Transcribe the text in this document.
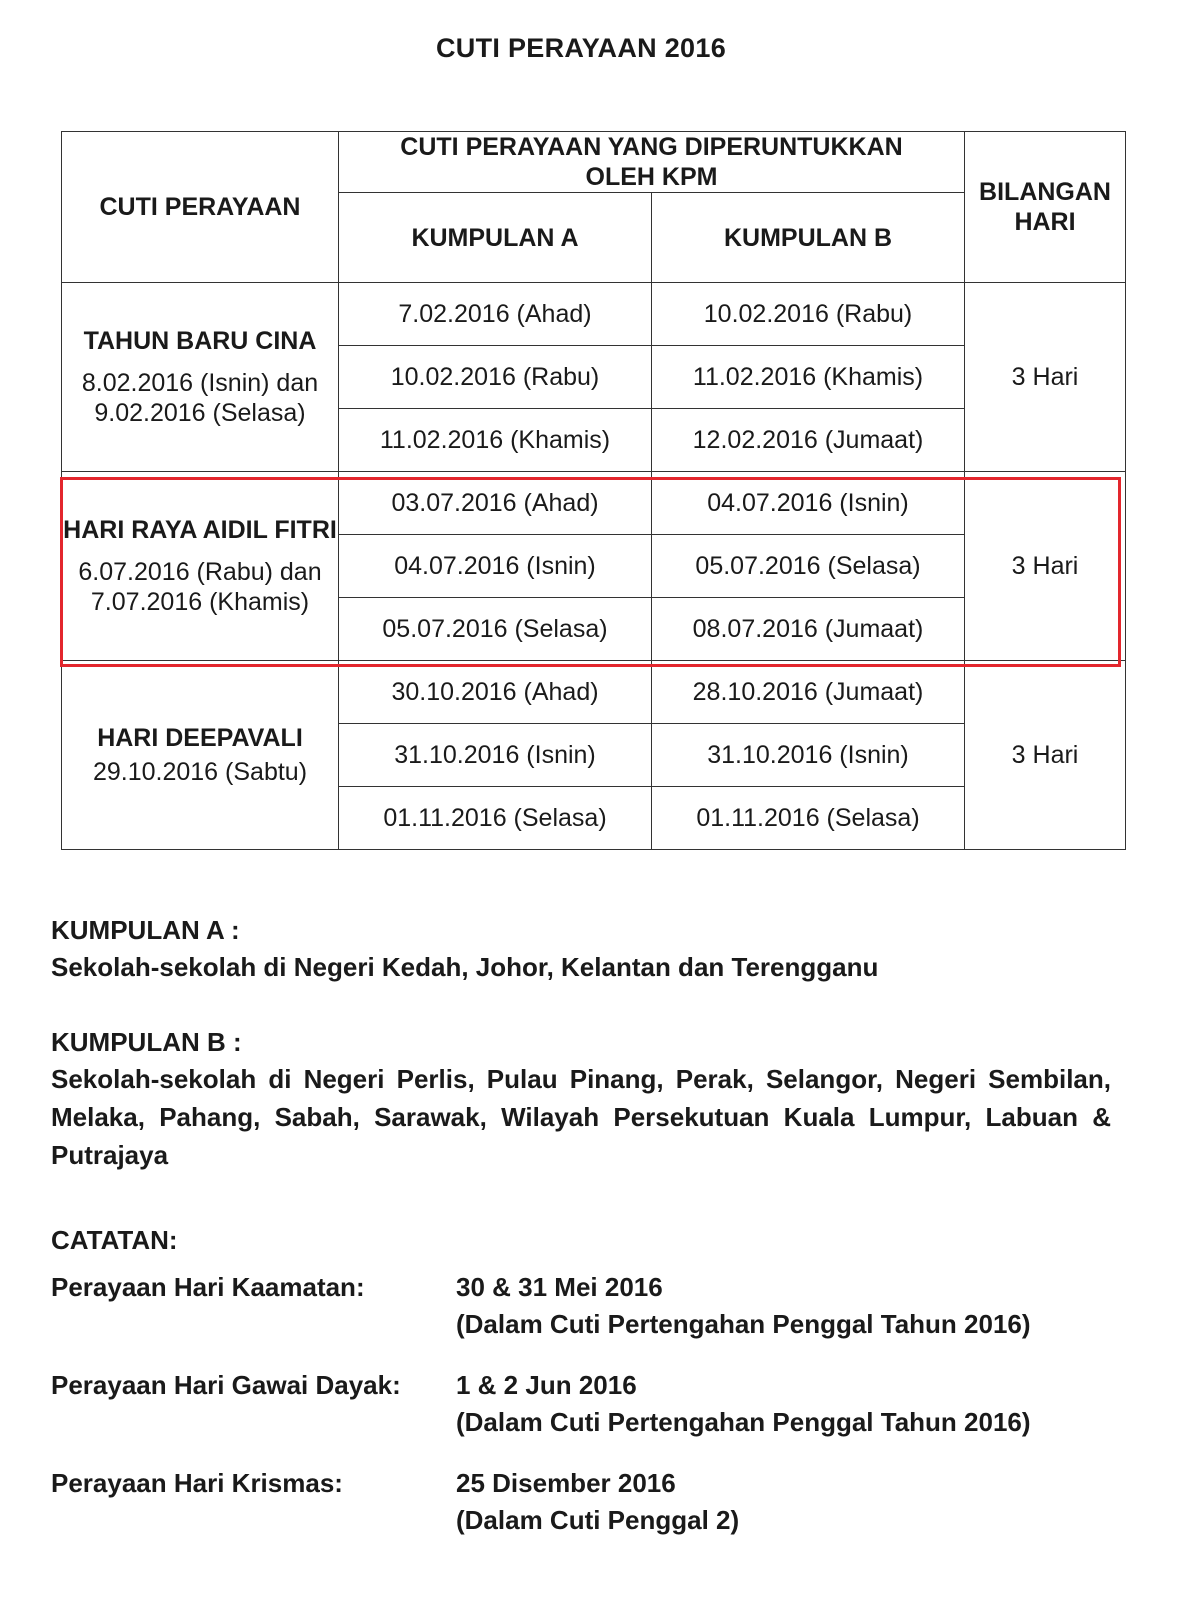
CUTI PERAYAAN 2016
CUTI PERAYAAN	CUTI PERAYAAN YANG DIPERUNTUKKAN OLEH KPM		BILANGAN HARI
	KUMPULAN A	KUMPULAN B	

TAHUN BARU CINA
8.02.2016 (Isnin) dan
9.02.2016 (Selasa)	7.02.2016 (Ahad)	10.02.2016 (Rabu)	3 Hari
	10.02.2016 (Rabu)	11.02.2016 (Khamis)	
	11.02.2016 (Khamis)	12.02.2016 (Jumaat)	

HARI RAYA AIDIL FITRI
6.07.2016 (Rabu) dan
7.07.2016 (Khamis)	03.07.2016 (Ahad)	04.07.2016 (Isnin)	3 Hari
	04.07.2016 (Isnin)	05.07.2016 (Selasa)	
	05.07.2016 (Selasa)	08.07.2016 (Jumaat)	

HARI DEEPAVALI
29.10.2016 (Sabtu)	30.10.2016 (Ahad)	28.10.2016 (Jumaat)	3 Hari
	31.10.2016 (Isnin)	31.10.2016 (Isnin)	
	01.11.2016 (Selasa)	01.11.2016 (Selasa)	
KUMPULAN A :
Sekolah-sekolah di Negeri Kedah, Johor, Kelantan dan Terengganu
KUMPULAN B :
Sekolah-sekolah di Negeri Perlis, Pulau Pinang, Perak, Selangor, Negeri Sembilan, Melaka, Pahang, Sabah, Sarawak, Wilayah Persekutuan Kuala Lumpur, Labuan & Putrajaya
CATATAN:
Perayaan Hari Kaamatan:	30 & 31 Mei 2016
(Dalam Cuti Pertengahan Penggal Tahun 2016)
Perayaan Hari Gawai Dayak: 1 & 2 Jun 2016
(Dalam Cuti Pertengahan Penggal Tahun 2016)
Perayaan Hari Krismas:	25 Disember 2016
(Dalam Cuti Penggal 2)
